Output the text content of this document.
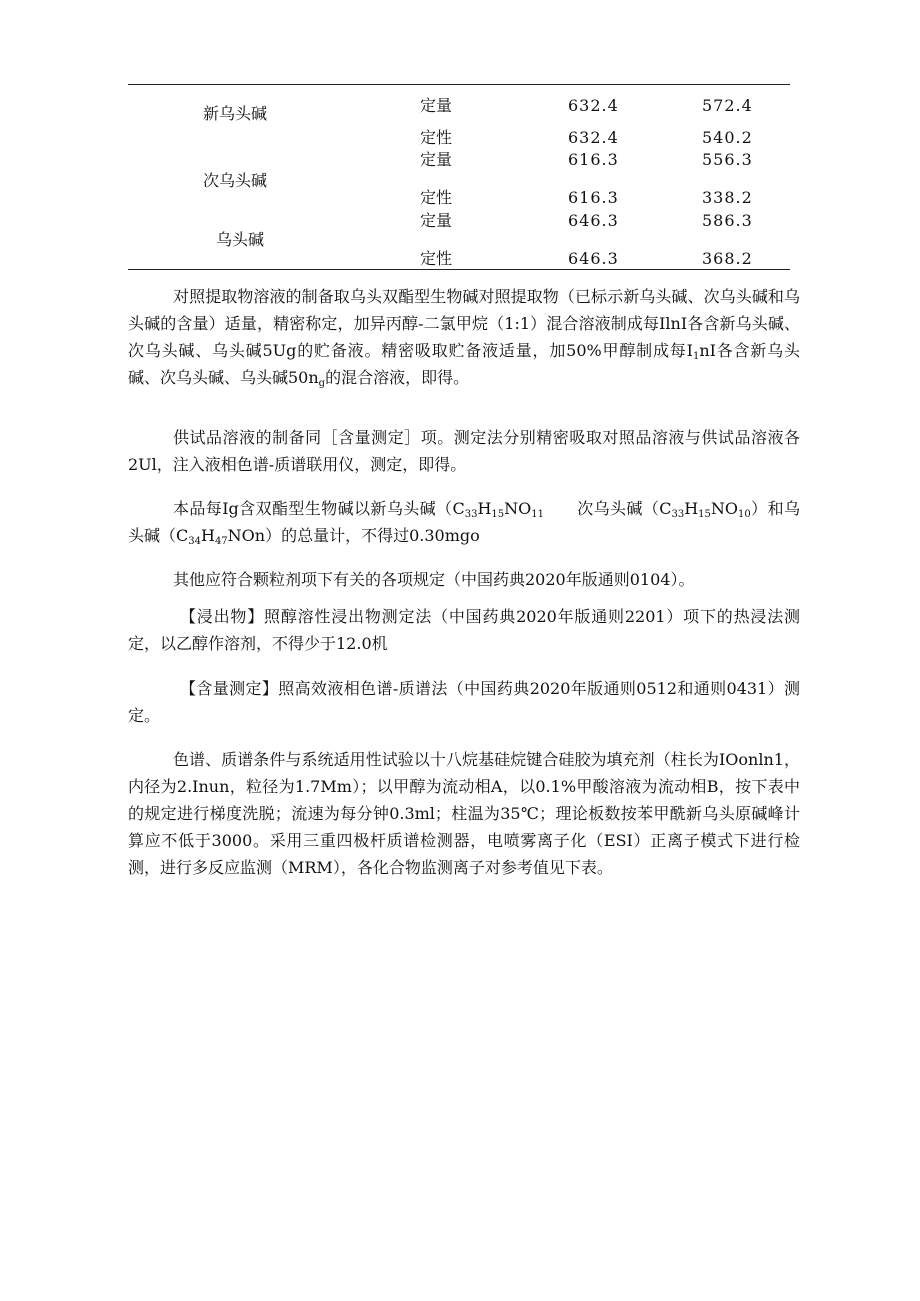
新乌头碱	定量	632.4	572.4
定性	632.4	540.2
次乌头碱
定量	616.3	556.3
定性	616.3	338.2
乌头碱
定量	646.3	586.3
定性	646.3	368.2
对照提取物溶液的制备取乌头双酯型生物碱对照提取物（已标示新乌头碱、次乌头碱和乌头碱的含量）适量，精密称定，加异丙醇-二氯甲烷（1:1）混合溶液制成每IlnI各含新乌头碱、次乌头碱、乌头碱5Ug的贮备液。精密吸取贮备液适量，加50%甲醇制成每$I_1nI$各含新乌头碱、次乌头碱、乌头碱$50n_g$的混合溶液，即得。
供试品溶液的制备同［含量测定］项。测定法分别精密吸取对照品溶液与供试品溶液各2Ul，注入液相色谱-质谱联用仪，测定，即得。
本品每Ig含双酯型生物碱以新乌头碱（$C_{33}H_{15}NO_{11}$　　次乌头碱$(C_{33}H_{15}NO_{10})$和乌头碱$(C_{34}H_{47}NOn)$的总量计，不得过0.30mgo
其他应符合颗粒剂项下有关的各项规定（中国药典2020年版通则0104）。
【浸出物】照醇溶性浸出物测定法（中国药典2020年版通则2201）项下的热浸法测定，以乙醇作溶剂，不得少于12.0机
【含量测定】照高效液相色谱-质谱法（中国药典2020年版通则0512和通则0431）测定。
色谱、质谱条件与系统适用性试验以十八烷基硅烷键合硅胶为填充剂（柱长为IOonln1，内径为2.Inun，粒径为1.7Mm）；以甲醇为流动相A，以0.1%甲酸溶液为流动相B，按下表中的规定进行梯度洗脱；流速为每分钟0.3ml；柱温为35℃；理论板数按苯甲酰新乌头原碱峰计算应不低于3000。采用三重四极杆质谱检测器，电喷雾离子化（ESI）正离子模式下进行检测，进行多反应监测（MRM），各化合物监测离子对参考值见下表。
